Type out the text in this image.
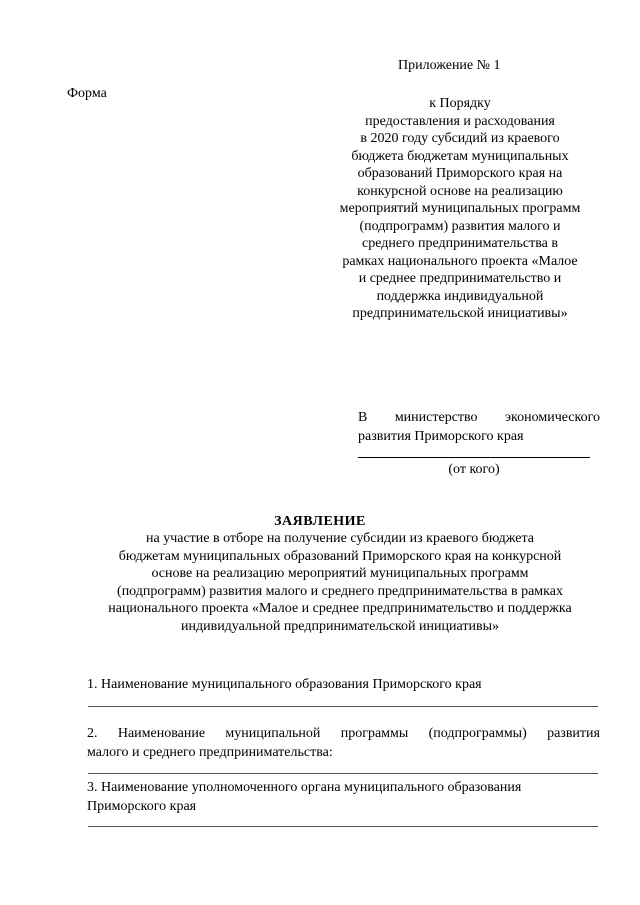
Приложение № 1
Форма
к Порядку
предоставления и расходования
в 2020 году субсидий из краевого
бюджета бюджетам муниципальных
образований Приморского края на
конкурсной основе на реализацию
мероприятий муниципальных программ
(подпрограмм) развития малого и
среднего предпринимательства в
рамках национального проекта «Малое
и среднее предпринимательство и
поддержка индивидуальной
предпринимательской инициативы»
В министерство экономического
развития Приморского края
(от кого)
ЗАЯВЛЕНИЕ
на участие в отборе на получение субсидии из краевого бюджета
бюджетам муниципальных образований Приморского края на конкурсной
основе на реализацию мероприятий муниципальных программ
(подпрограмм) развития малого и среднего предпринимательства в рамках
национального проекта «Малое и среднее предпринимательство и поддержка
индивидуальной предпринимательской инициативы»
1. Наименование муниципального образования Приморского края
2. Наименование муниципальной программы (подпрограммы) развития
малого и среднего предпринимательства:
3. Наименование уполномоченного органа муниципального образования
Приморского края
